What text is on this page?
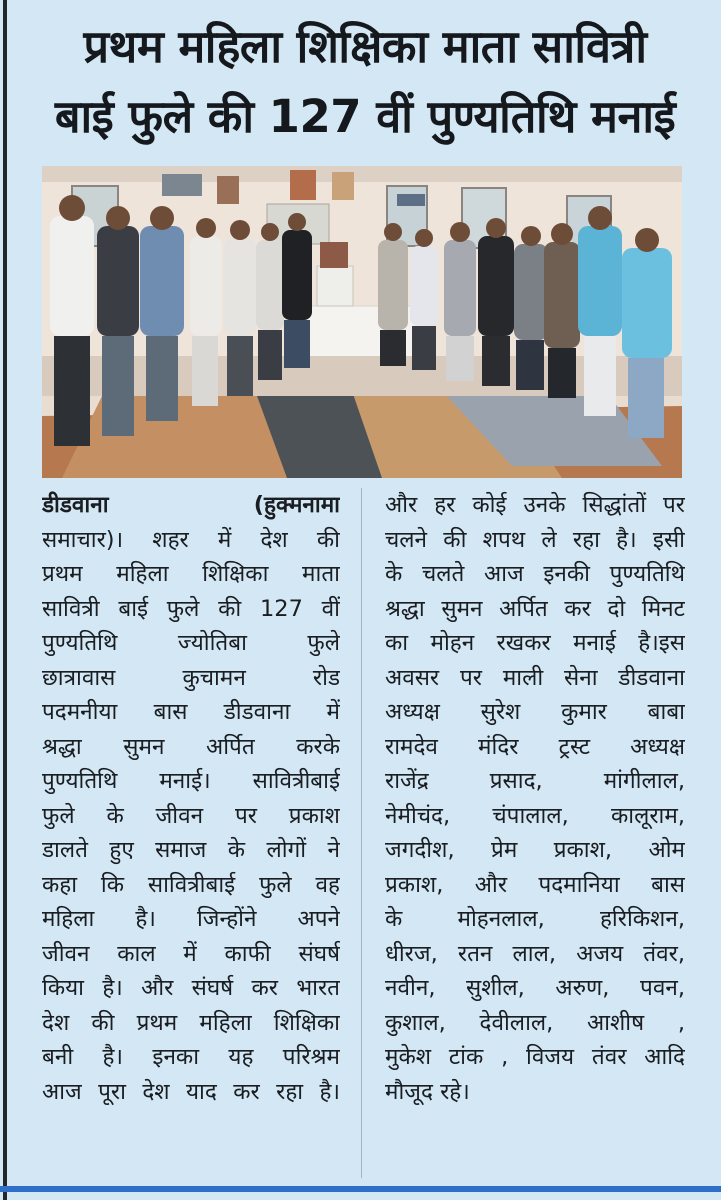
प्रथम महिला शिक्षिका माता सावित्री
बाई फुले की 127 वीं पुण्यतिथि मनाई
डीडवाना (हुक्मनामा
समाचार)। शहर में देश की
प्रथम महिला शिक्षिका माता
सावित्री बाई फुले की 127 वीं
पुण्यतिथि ज्योतिबा फुले
छात्रावास कुचामन रोड
पदमनीया बास डीडवाना में
श्रद्धा सुमन अर्पित करके
पुण्यतिथि मनाई। सावित्रीबाई
फुले के जीवन पर प्रकाश
डालते हुए समाज के लोगों ने
कहा कि सावित्रीबाई फुले वह
महिला है। जिन्होंने अपने
जीवन काल में काफी संघर्ष
किया है। और संघर्ष कर भारत
देश की प्रथम महिला शिक्षिका
बनी है। इनका यह परिश्रम
आज पूरा देश याद कर रहा है।
और हर कोई उनके सिद्धांतों पर
चलने की शपथ ले रहा है। इसी
के चलते आज इनकी पुण्यतिथि
श्रद्धा सुमन अर्पित कर दो मिनट
का मोहन रखकर मनाई है।इस
अवसर पर माली सेना डीडवाना
अध्यक्ष सुरेश कुमार बाबा
रामदेव मंदिर ट्रस्ट अध्यक्ष
राजेंद्र प्रसाद, मांगीलाल,
नेमीचंद, चंपालाल, कालूराम,
जगदीश, प्रेम प्रकाश, ओम
प्रकाश, और पदमानिया बास
के मोहनलाल, हरिकिशन,
धीरज, रतन लाल, अजय तंवर,
नवीन, सुशील, अरुण, पवन,
कुशाल, देवीलाल, आशीष ,
मुकेश टांक , विजय तंवर आदि
मौजूद रहे।
